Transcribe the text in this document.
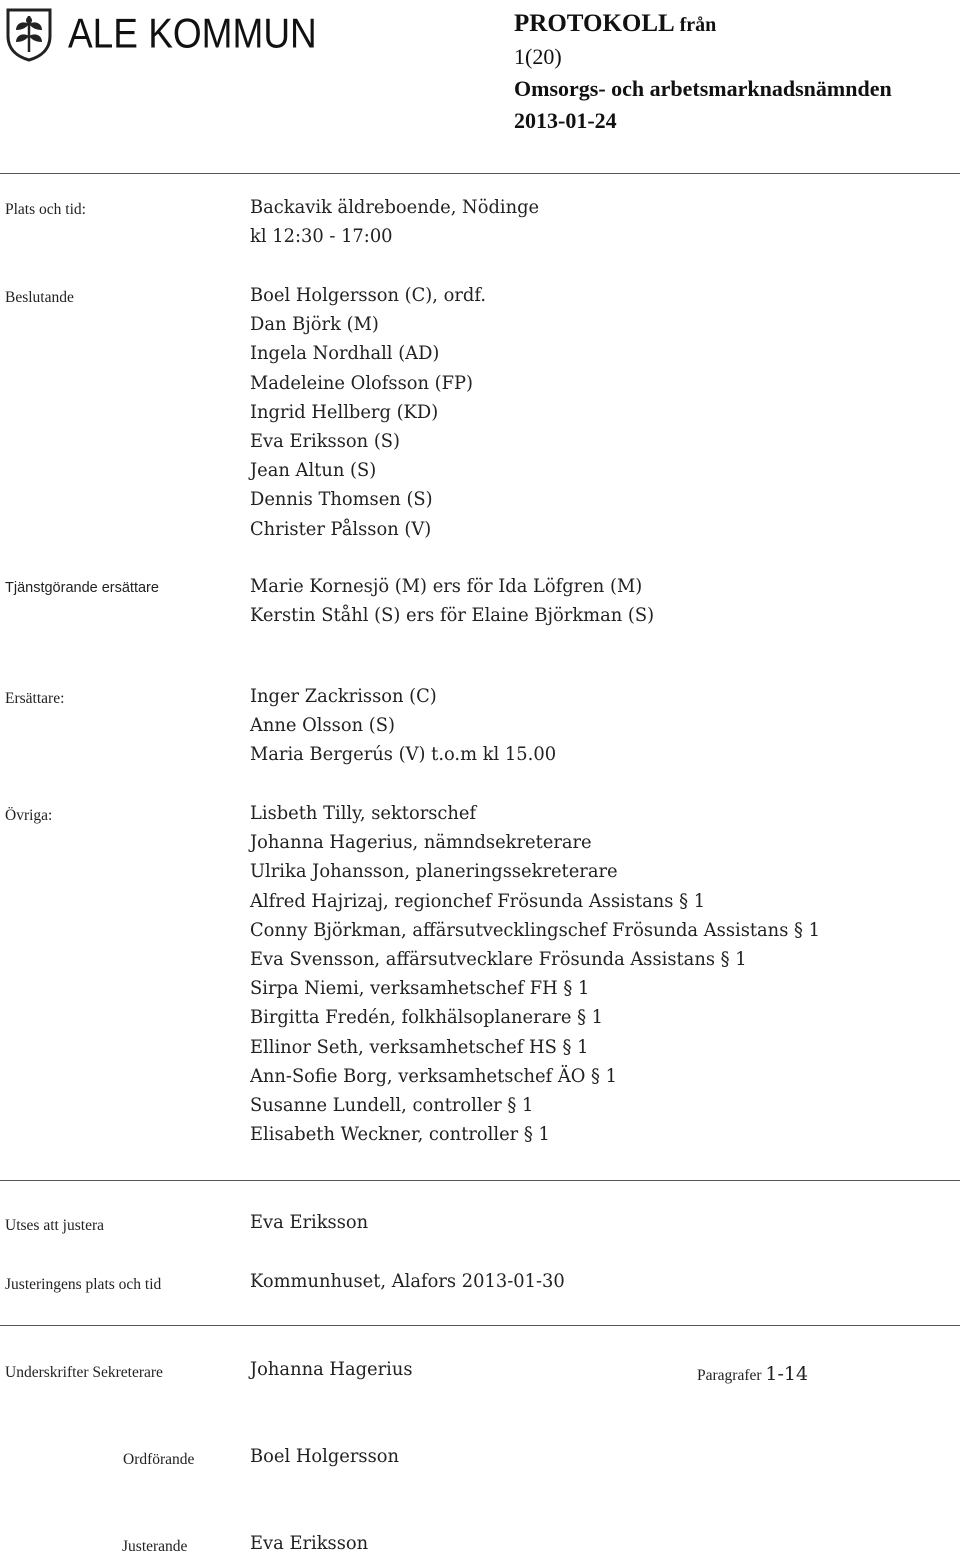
ALE KOMMUN	PROTOKOLL från
1(20)
Omsorgs- och arbetsmarknadsnämnden
2013-01-24
Plats och tid:	Backavik äldreboende, Nödinge
kl 12:30 - 17:00
Beslutande	Boel Holgersson (C), ordf.
Dan Björk (M)
Ingela Nordhall (AD)
Madeleine Olofsson (FP)
Ingrid Hellberg (KD)
Eva Eriksson (S)
Jean Altun (S)
Dennis Thomsen (S)
Christer Pålsson (V)
Tjänstgörande ersättare	Marie Kornesjö (M) ers för Ida Löfgren (M)
Kerstin Ståhl (S) ers för Elaine Björkman (S)
Ersättare:	Inger Zackrisson (C)
Anne Olsson (S)
Maria Bergerús (V) t.o.m kl 15.00
Övriga:	Lisbeth Tilly, sektorschef
Johanna Hagerius, nämndsekreterare
Ulrika Johansson, planeringssekreterare
Alfred Hajrizaj, regionchef Frösunda Assistans § 1
Conny Björkman, affärsutvecklingschef Frösunda Assistans § 1
Eva Svensson, affärsutvecklare Frösunda Assistans § 1
Sirpa Niemi, verksamhetschef FH § 1
Birgitta Fredén, folkhälsoplanerare § 1
Ellinor Seth, verksamhetschef HS § 1
Ann-Sofie Borg, verksamhetschef ÄO § 1
Susanne Lundell, controller § 1
Elisabeth Weckner, controller § 1
Utses att justera	Eva Eriksson
Justeringens plats och tid	Kommunhuset, Alafors 2013-01-30
Underskrifter Sekreterare	Johanna Hagerius	Paragrafer 1-14
Ordförande	Boel Holgersson
Justerande	Eva Eriksson
